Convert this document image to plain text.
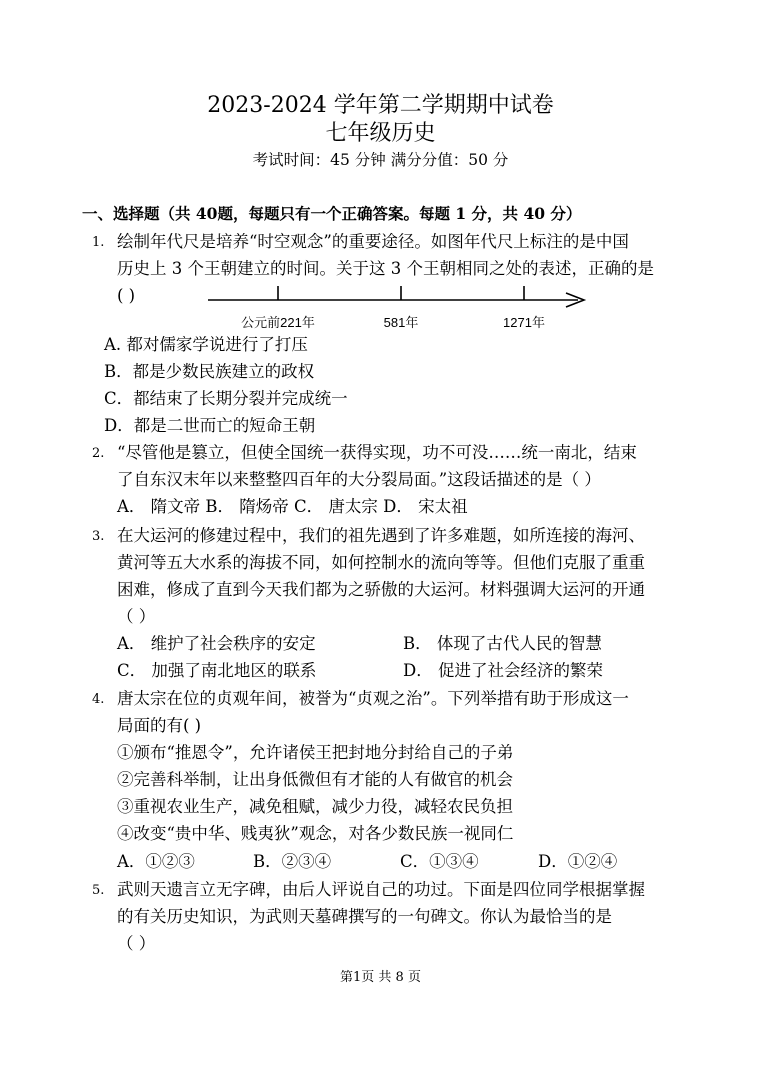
2023-2024 学年第二学期期中试卷
七年级历史
考试时间：45 分钟 满分分值：50 分
一、选择题（共 40题，每题只有一个正确答案。每题 1 分，共 40 分）
1. 绘制年代尺是培养“时空观念”的重要途径。如图年代尺上标注的是中国
历史上 3 个王朝建立的时间。关于这 3 个王朝相同之处的表述，正确的是
( )
公元前221年	581年	1271年
A. 都对儒家学说进行了打压
B．都是少数民族建立的政权
C．都结束了长期分裂并完成统一
D．都是二世而亡的短命王朝
2. “尽管他是篡立，但使全国统一获得实现，功不可没……统一南北，结束
了自东汉末年以来整整四百年的大分裂局面。”这段话描述的是（ ）
A． 隋文帝 B． 隋炀帝 C． 唐太宗 D． 宋太祖
3. 在大运河的修建过程中，我们的祖先遇到了许多难题，如所连接的海河、
黄河等五大水系的海拔不同，如何控制水的流向等等。但他们克服了重重
困难，修成了直到今天我们都为之骄傲的大运河。材料强调大运河的开通
（ ）
A． 维护了社会秩序的安定	B． 体现了古代人民的智慧
C． 加强了南北地区的联系	D． 促进了社会经济的繁荣
4. 唐太宗在位的贞观年间，被誉为“贞观之治”。下列举措有助于形成这一
局面的有( )
①颁布“推恩令”，允许诸侯王把封地分封给自己的子弟
②完善科举制，让出身低微但有才能的人有做官的机会
③重视农业生产，减免租赋，减少力役，减轻农民负担
④改变“贵中华、贱夷狄”观念，对各少数民族一视同仁
A．①②③	B．②③④	C．①③④	D．①②④
5. 武则天遗言立无字碑，由后人评说自己的功过。下面是四位同学根据掌握
的有关历史知识，为武则天墓碑撰写的一句碑文。你认为最恰当的是
（ ）
第1页 共 8 页
